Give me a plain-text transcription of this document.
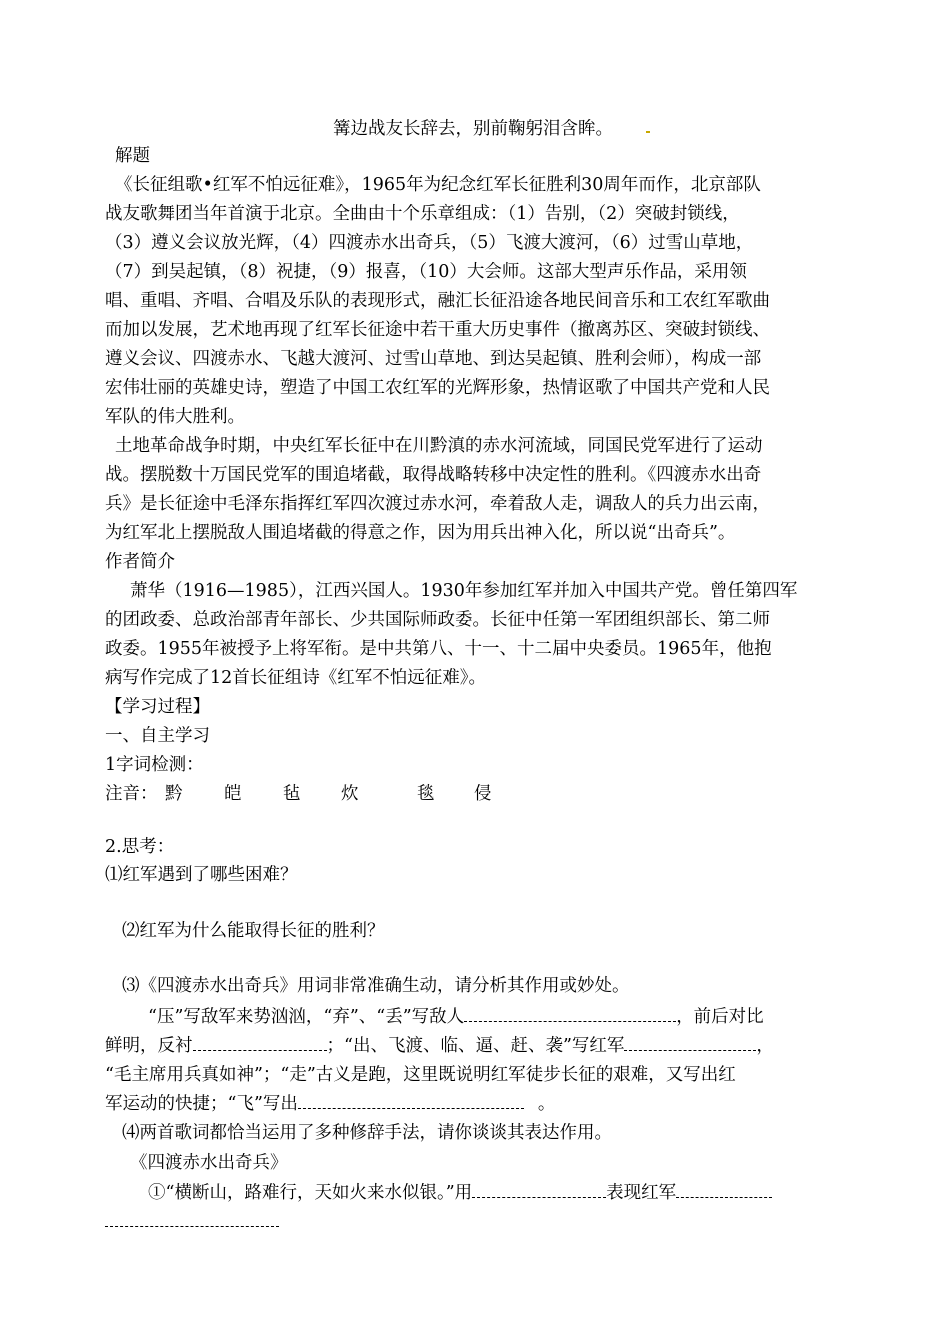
篝边战友长辞去，别前鞠躬泪含眸。
解题
《长征组歌•红军不怕远征难》，1965年为纪念红军长征胜利30周年而作，北京部队
战友歌舞团当年首演于北京。全曲由十个乐章组成：（1）告别，（2）突破封锁线，
（3）遵义会议放光辉，（4）四渡赤水出奇兵，（5）飞渡大渡河，（6）过雪山草地，
（7）到吴起镇，（8）祝捷，（9）报喜，（10）大会师。这部大型声乐作品，采用领
唱、重唱、齐唱、合唱及乐队的表现形式，融汇长征沿途各地民间音乐和工农红军歌曲
而加以发展，艺术地再现了红军长征途中若干重大历史事件（撤离苏区、突破封锁线、
遵义会议、四渡赤水、飞越大渡河、过雪山草地、到达吴起镇、胜利会师），构成一部
宏伟壮丽的英雄史诗，塑造了中国工农红军的光辉形象，热情讴歌了中国共产党和人民
军队的伟大胜利。
土地革命战争时期，中央红军长征中在川黔滇的赤水河流域，同国民党军进行了运动
战。摆脱数十万国民党军的围追堵截，取得战略转移中决定性的胜利。《四渡赤水出奇
兵》是长征途中毛泽东指挥红军四次渡过赤水河，牵着敌人走，调敌人的兵力出云南，
为红军北上摆脱敌人围追堵截的得意之作，因为用兵出神入化，所以说“出奇兵”。
作者简介
萧华（1916—1985），江西兴国人。1930年参加红军并加入中国共产党。曾任第四军
的团政委、总政治部青年部长、少共国际师政委。长征中任第一军团组织部长、第二师
政委。1955年被授予上将军衔。是中共第八、十一、十二届中央委员。1965年，他抱
病写作完成了12首长征组诗《红军不怕远征难》。
【学习过程】
一、自主学习
1字词检测：
注音： 黔 皑 毡 炊	毯 侵
2.思考：
⑴红军遇到了哪些困难？
⑵红军为什么能取得长征的胜利？
⑶《四渡赤水出奇兵》用词非常准确生动，请分析其作用或妙处。
“压”写敌军来势汹汹，“弃”、“丢”写敌人	，前后对比
鲜明，反衬	；“出、飞渡、临、逼、赶、袭”写红军	，
“毛主席用兵真如神”；“走”古义是跑，这里既说明红军徒步长征的艰难，又写出红
军运动的快捷；“飞”写出	。
⑷两首歌词都恰当运用了多种修辞手法，请你谈谈其表达作用。
《四渡赤水出奇兵》
①“横断山，路难行，天如火来水似银。”用	表现红军
